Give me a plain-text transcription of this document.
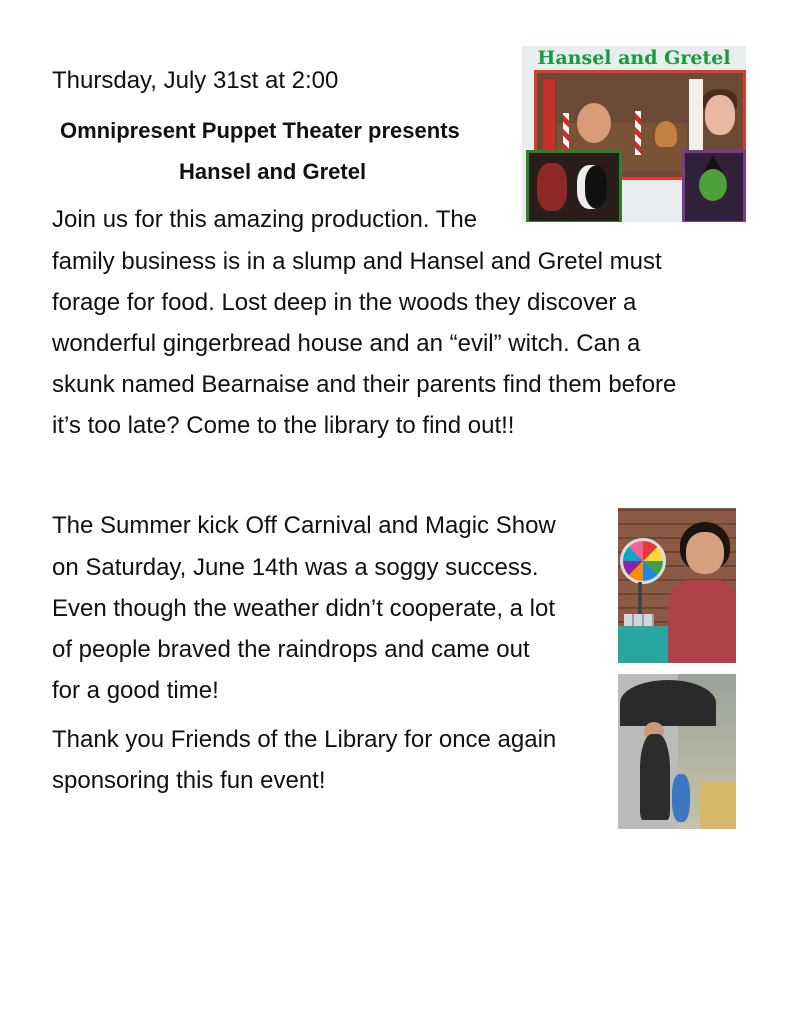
Thursday, July 31st at 2:00
Omnipresent Puppet Theater presents
Hansel and Gretel
Join us for this amazing production. The
family business is in a slump and Hansel and Gretel must
forage for food. Lost deep in the woods they discover a
wonderful gingerbread house and an “evil” witch. Can a
skunk named Bearnaise and their parents find them before
it’s too late? Come to the library to find out!!
Hansel and Gretel
The Summer kick Off Carnival and Magic Show
on Saturday, June 14th was a soggy success.
Even though the weather didn’t cooperate, a lot
of people braved the raindrops and came out
for a good time!
Thank you Friends of the Library for once again
sponsoring this fun event!
